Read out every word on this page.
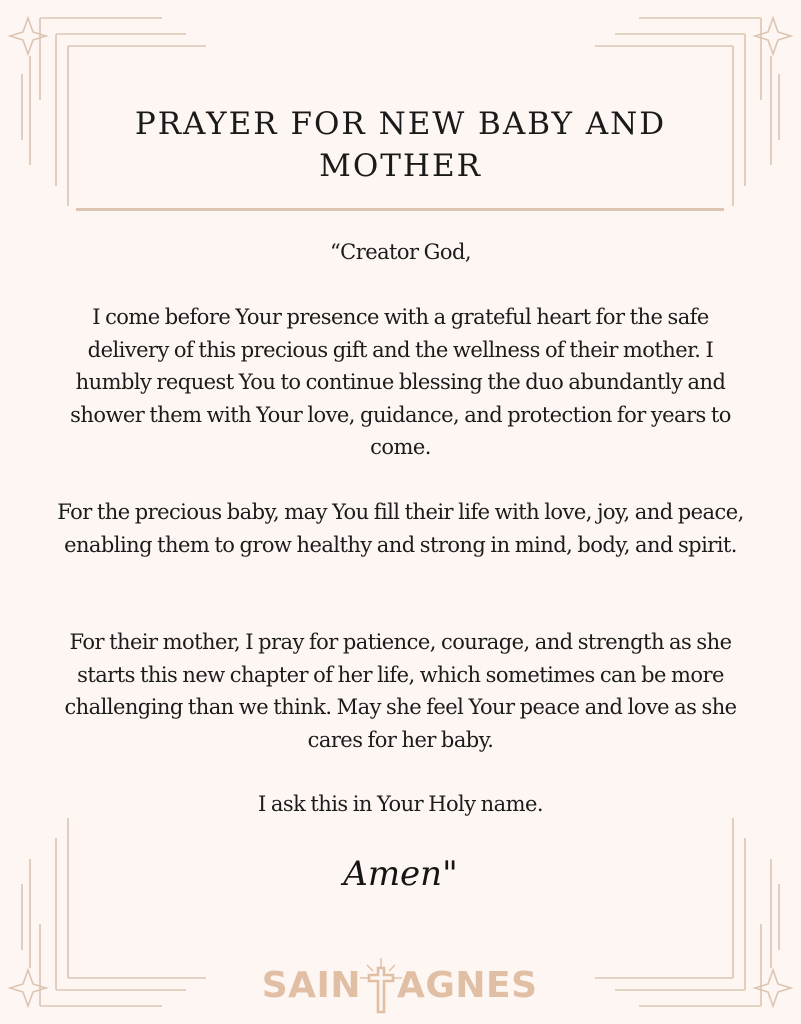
PRAYER FOR NEW BABY AND MOTHER

“Creator God,

I come before Your presence with a grateful heart for the safe delivery of this precious gift and the wellness of their mother. I humbly request You to continue blessing the duo abundantly and shower them with Your love, guidance, and protection for years to come.

For the precious baby, may You fill their life with love, joy, and peace, enabling them to grow healthy and strong in mind, body, and spirit.

For their mother, I pray for patience, courage, and strength as she starts this new chapter of her life, which sometimes can be more challenging than we think. May she feel Your peace and love as she cares for her baby.

I ask this in Your Holy name.

Amen"

SAIN AGNES
